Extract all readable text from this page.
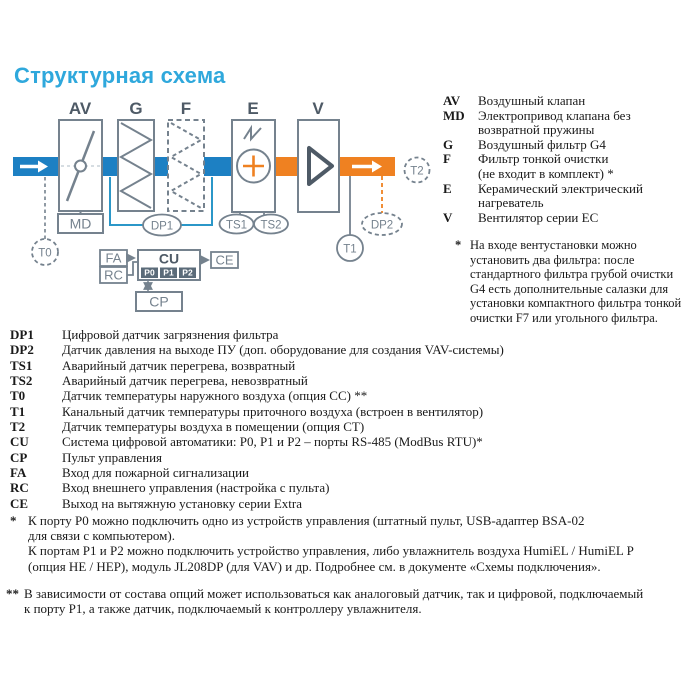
Структурная схема
AV G F	E	V
MD
T0
DP1	TS1 TS2
T1
DP2
T2
FA
RC
CU
P0 P1 P2
CE
CP
AV	Воздушный клапан
MD	Электропривод клапана без
возвратной пружины
G	Воздушный фильтр G4
F	Фильтр тонкой очистки
(не входит в комплект) *
E	Керамический электрический
нагреватель
V	Вентилятор серии ЕС
* На входе вентустановки можно
установить два фильтра: после
стандартного фильтра грубой очистки
G4 есть дополнительные салазки для
установки компактного фильтра тонкой
очистки F7 или угольного фильтра.
DP1	Цифровой датчик загрязнения фильтра
DP2	Датчик давления на выходе ПУ (доп. оборудование для создания VAV-системы)
TS1	Аварийный датчик перегрева, возвратный
TS2	Аварийный датчик перегрева, невозвратный
T0	Датчик температуры наружного воздуха (опция СС) **
T1	Канальный датчик температуры приточного воздуха (встроен в вентилятор)
T2	Датчик температуры воздуха в помещении (опция СТ)
CU	Система цифровой автоматики: P0, P1 и P2 – порты RS-485 (ModBus RTU)*
CP	Пульт управления
FA	Вход для пожарной сигнализации
RC	Вход внешнего управления (настройка с пульта)
CE	Выход на вытяжную установку серии Extra
* К порту P0 можно подключить одно из устройств управления (штатный пульт, USB-адаптер BSA-02
для связи с компьютером).
К портам P1 и P2 можно подключить устройство управления, либо увлажнитель воздуха HumiEL / HumiEL P
(опция HE / HEP), модуль JL208DP (для VAV) и др. Подробнее см. в документе «Схемы подключения».
** В зависимости от состава опций может использоваться как аналоговый датчик, так и цифровой, подключаемый
к порту P1, а также датчик, подключаемый к контроллеру увлажнителя.
